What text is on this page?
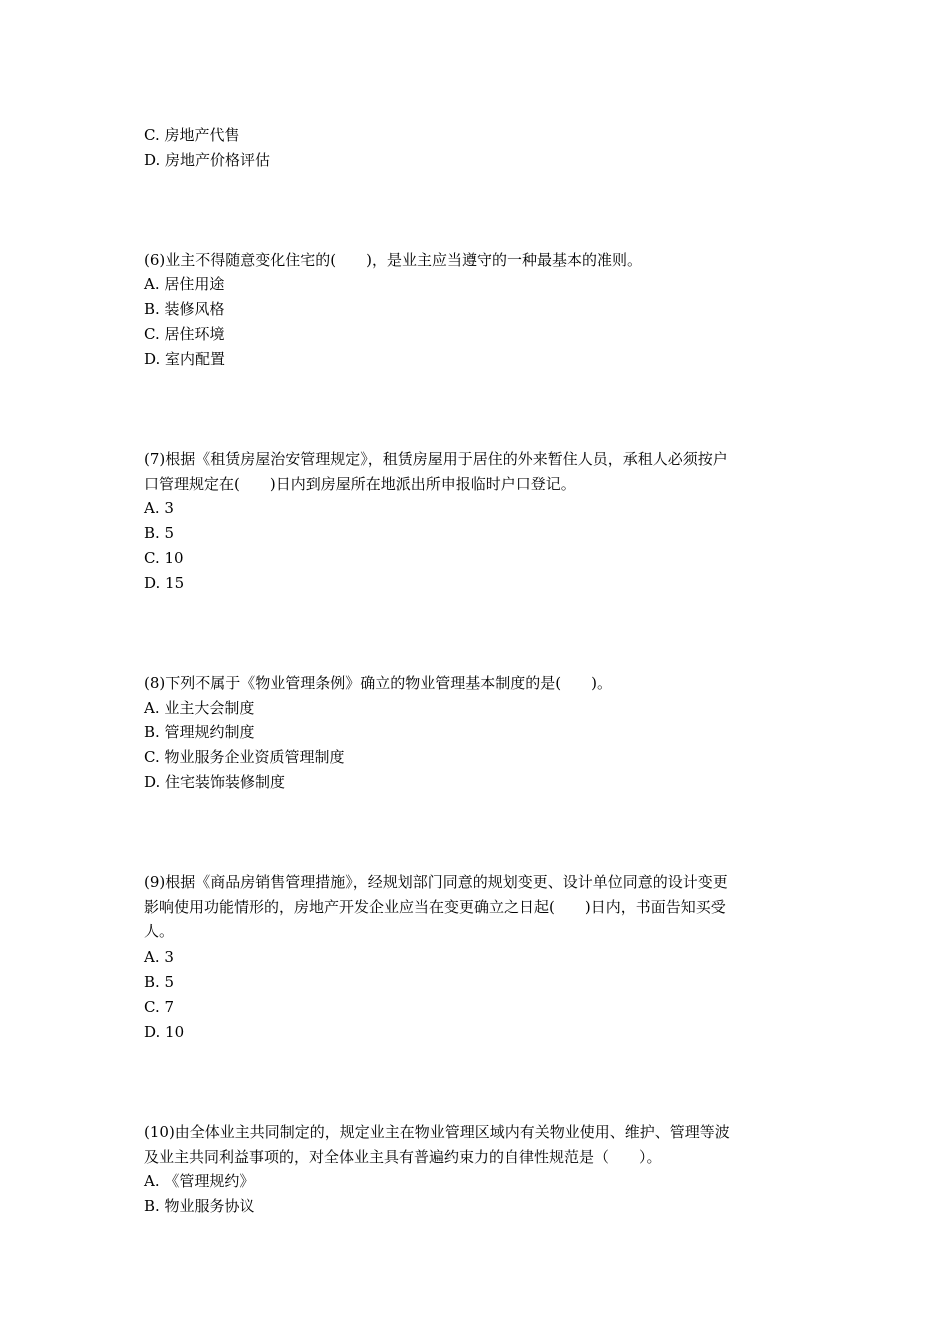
C. 房地产代售
D. 房地产价格评估
(6)业主不得随意变化住宅的(　　)，是业主应当遵守的一种最基本的准则。
A. 居住用途
B. 装修风格
C. 居住环境
D. 室内配置
(7)根据《租赁房屋治安管理规定》，租赁房屋用于居住的外来暂住人员，承租人必须按户
口管理规定在(　　)日内到房屋所在地派出所申报临时户口登记。
A. 3
B. 5
C. 10
D. 15
(8)下列不属于《物业管理条例》确立的物业管理基本制度的是(　　)。
A. 业主大会制度
B. 管理规约制度
C. 物业服务企业资质管理制度
D. 住宅装饰装修制度
(9)根据《商品房销售管理措施》，经规划部门同意的规划变更、设计单位同意的设计变更
影响使用功能情形的，房地产开发企业应当在变更确立之日起(　　)日内，书面告知买受
人。
A. 3
B. 5
C. 7
D. 10
(10)由全体业主共同制定的，规定业主在物业管理区域内有关物业使用、维护、管理等波
及业主共同利益事项的，对全体业主具有普遍约束力的自律性规范是（　　）。
A. 《管理规约》
B. 物业服务协议
